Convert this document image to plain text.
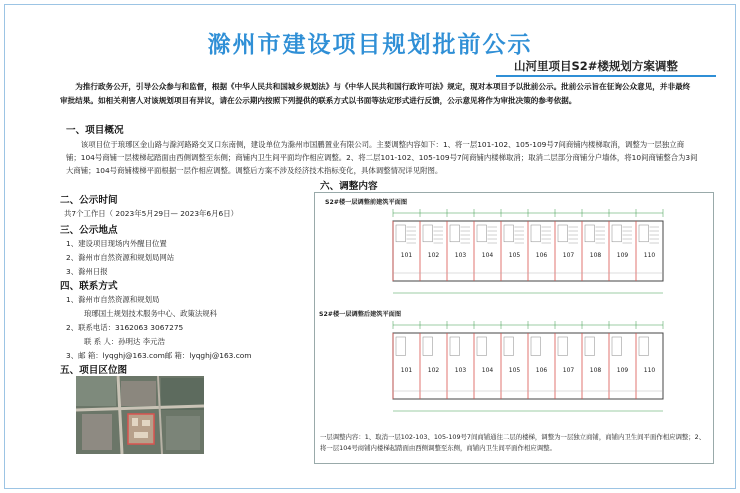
滁州市建设项目规划批前公示
山河里项目S2#楼规划方案调整
为推行政务公开，引导公众参与和监督，根据《中华人民共和国城乡规划法》与《中华人民共和国行政许可法》规定，现对本项目予以批前公示。批前公示旨在征询公众意见，并非最终审批结果。如相关利害人对该规划项目有异议，请在公示期内按照下列提供的联系方式以书面等法定形式进行反馈，公示意见将作为审批决策的参考依据。
一、项目概况
该项目位于琅琊区金山路与滁河路路交叉口东南侧，建设单位为滁州市国鹏置业有限公司。主要调整内容如下：1、将一层101-102、105-109号7间商铺内楼梯取消，调整为一层独立商铺；104号商铺一层楼梯起踏面由西侧调整至东侧；商铺内卫生间平面均作相应调整。2、将二层101-102、105-109号7间商铺内楼梯取消；取消二层部分商铺分户墙体，将10间商铺整合为3间大商铺；104号商铺楼梯平面根据一层作相应调整。调整后方案不涉及经济技术指标变化，具体调整情况详见附图。
二、公示时间
共7个工作日（ 2023年5月29日— 2023年6月6日）
三、公示地点
1、建设项目现场内外醒目位置
2、滁州市自然资源和规划局网站
3、滁州日报
四、联系方式
1、滁州市自然资源和规划局
琅琊国土规划技术服务中心、政策法规科
2、联系电话：3162063 3067275
联 系 人：孙明达 李元浩
3、邮 箱：lyqghj@163.com邮 箱：lyqghj@163.com
五、项目区位图
六、调整内容
S2#楼一层调整前建筑平面图
101	102	103	104	105	106	107	108	109	110
S2#楼一层调整后建筑平面图
101	102	103	104	105	106	107	108	109	110
一层调整内容：1、取消一层102-103、105-109号7间商铺通往二层的楼梯，调整为一层独立商铺，商铺内卫生间平面作相应调整；2、将一层104号商铺内楼梯起踏面由西侧调整至东侧，商铺内卫生间平面作相应调整。
